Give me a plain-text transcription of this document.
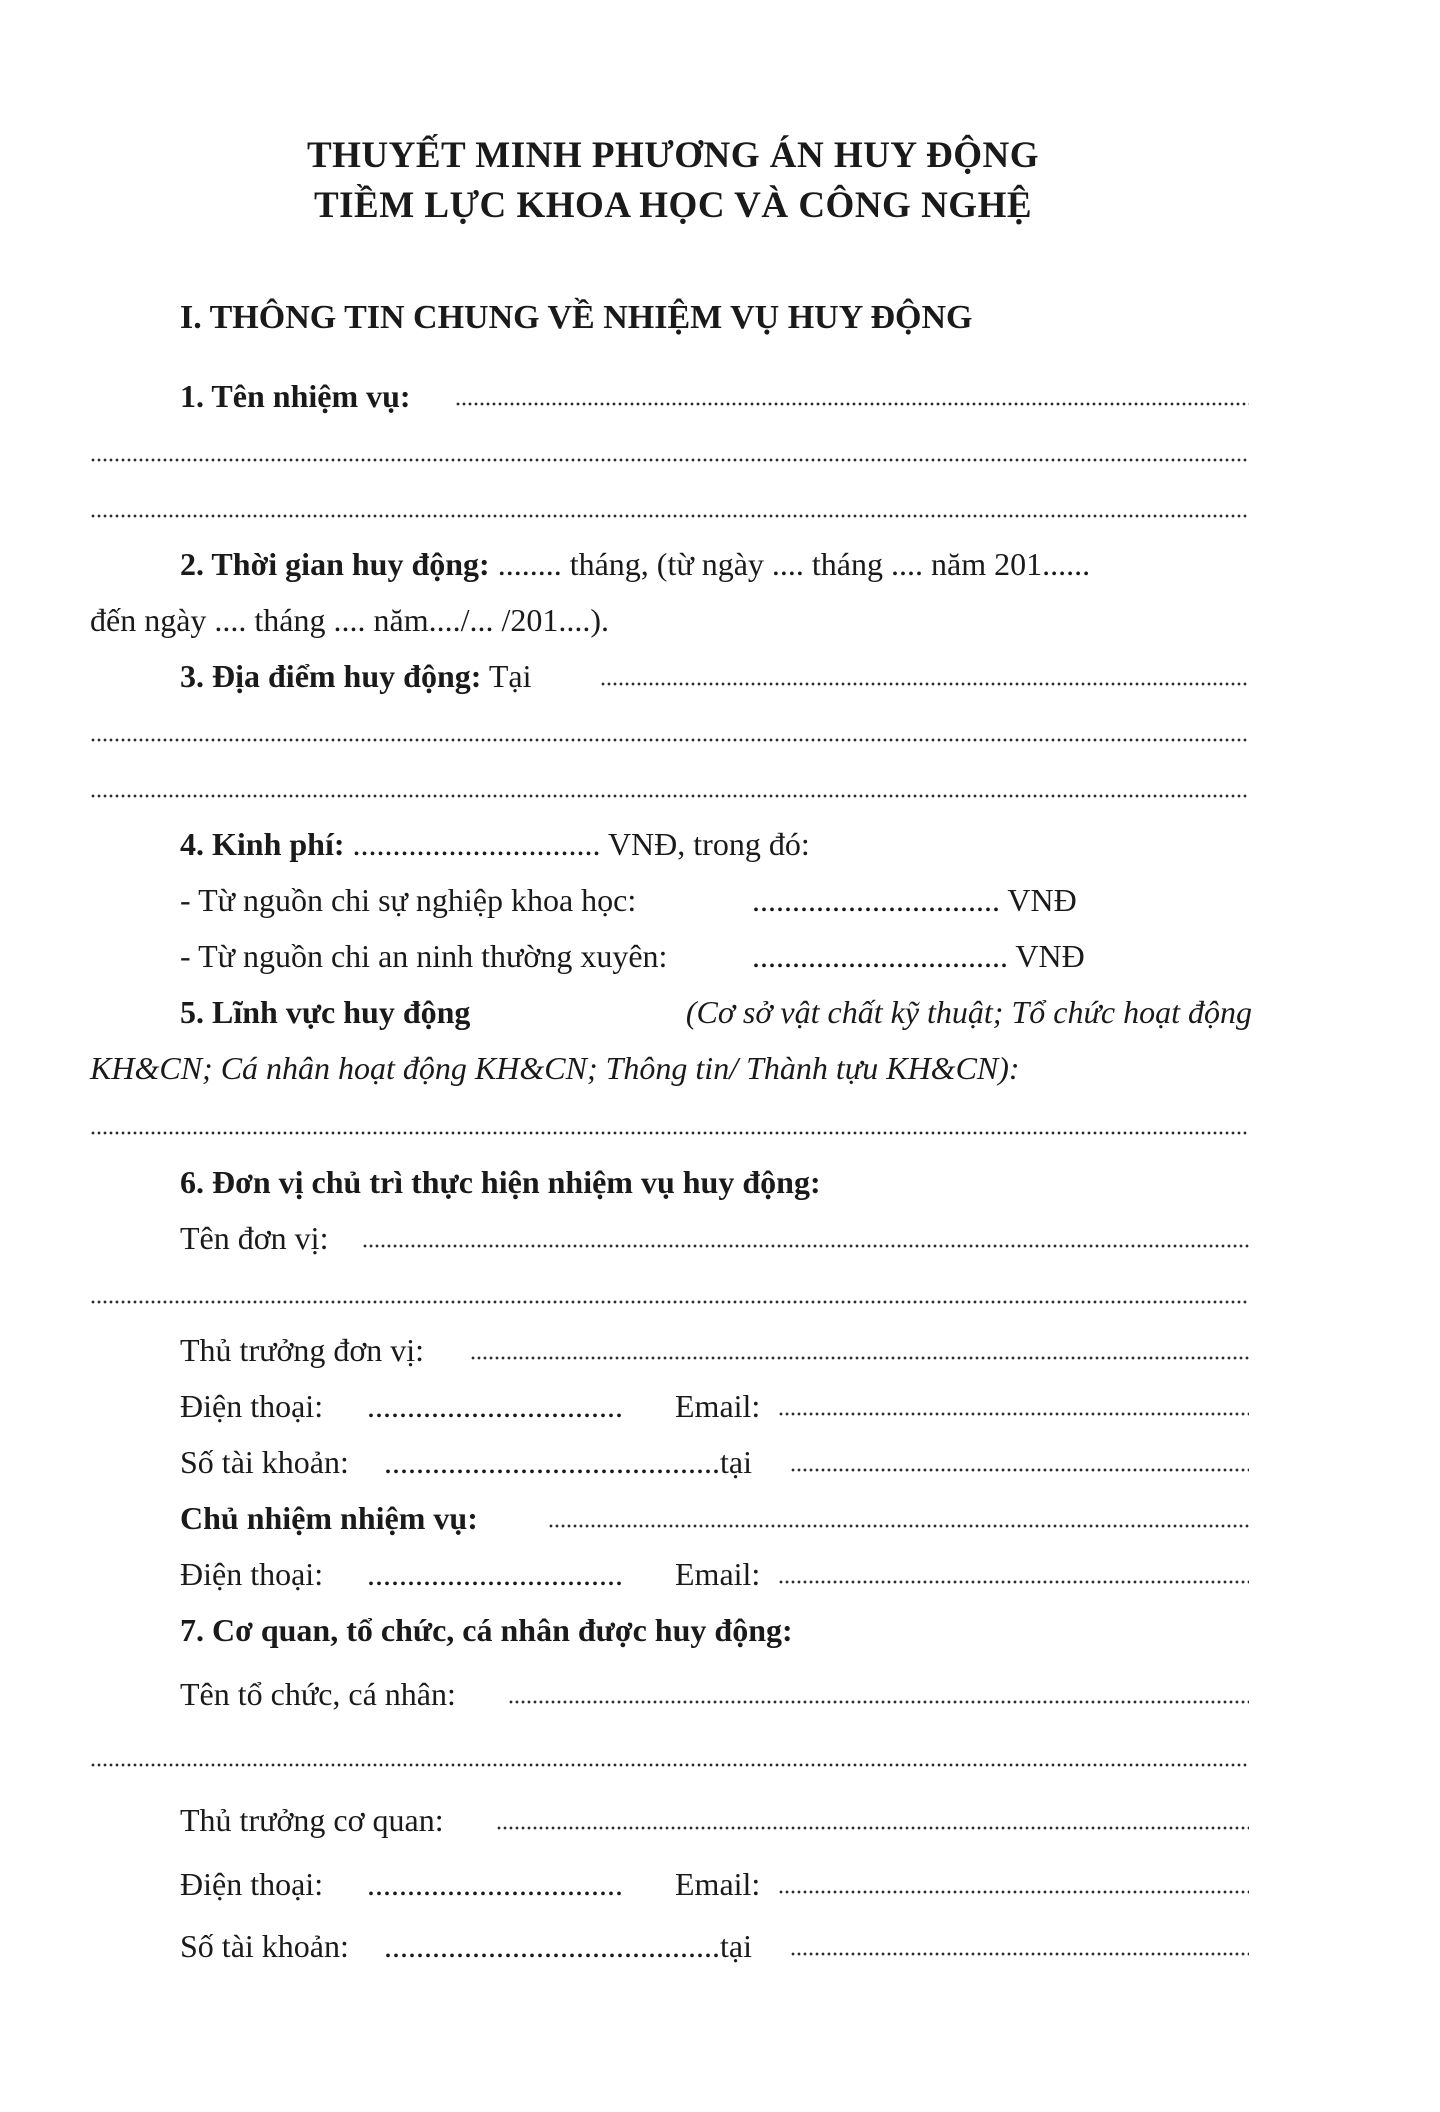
THUYẾT MINH PHƯƠNG ÁN HUY ĐỘNG
TIỀM LỰC KHOA HỌC VÀ CÔNG NGHỆ
I. THÔNG TIN CHUNG VỀ NHIỆM VỤ HUY ĐỘNG
1. Tên nhiệm vụ:
2. Thời gian huy động: ........ tháng, (từ ngày .... tháng .... năm 201......
đến ngày .... tháng .... năm..../... /201....).
3. Địa điểm huy động: Tại
4. Kinh phí: ............................... VNĐ, trong đó:
- Từ nguồn chi sự nghiệp khoa học:	............................... VNĐ
- Từ nguồn chi an ninh thường xuyên:	................................ VNĐ
5. Lĩnh vực huy động	(Cơ sở vật chất kỹ thuật; Tổ chức hoạt động
KH&CN; Cá nhân hoạt động KH&CN; Thông tin/ Thành tựu KH&CN):
6. Đơn vị chủ trì thực hiện nhiệm vụ huy động:
Tên đơn vị:
Thủ trưởng đơn vị:
Điện thoại: ................................ Email:
Số tài khoản: ..........................................tại
Chủ nhiệm nhiệm vụ:
Điện thoại: ................................ Email:
7. Cơ quan, tổ chức, cá nhân được huy động:
Tên tổ chức, cá nhân:
Thủ trưởng cơ quan:
Điện thoại: ................................ Email:
Số tài khoản: ..........................................tại
